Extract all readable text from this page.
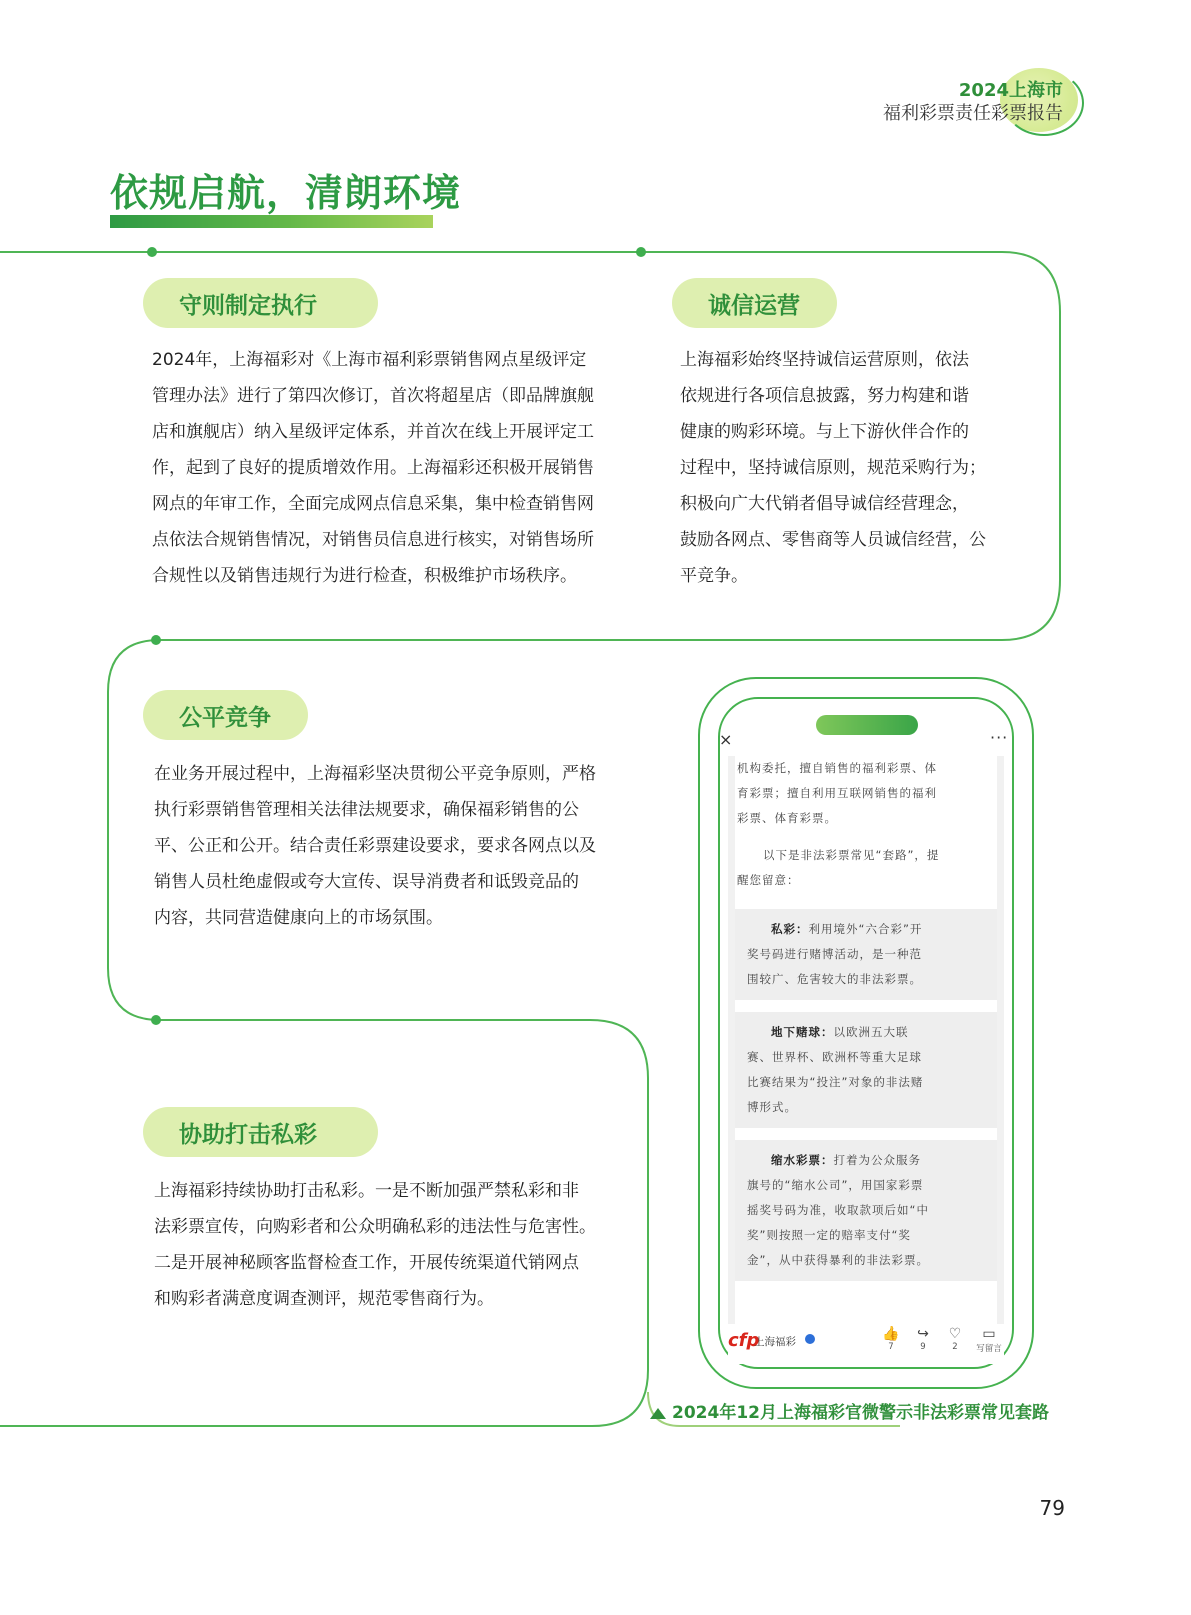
2024上海市
福利彩票责任彩票报告
依规启航，清朗环境
守则制定执行
2024年，上海福彩对《上海市福利彩票销售网点星级评定
管理办法》进行了第四次修订，首次将超星店（即品牌旗舰
店和旗舰店）纳入星级评定体系，并首次在线上开展评定工
作，起到了良好的提质增效作用。上海福彩还积极开展销售
网点的年审工作，全面完成网点信息采集，集中检查销售网
点依法合规销售情况，对销售员信息进行核实，对销售场所
合规性以及销售违规行为进行检查，积极维护市场秩序。
诚信运营
上海福彩始终坚持诚信运营原则，依法
依规进行各项信息披露，努力构建和谐
健康的购彩环境。与上下游伙伴合作的
过程中，坚持诚信原则，规范采购行为；
积极向广大代销者倡导诚信经营理念，
鼓励各网点、零售商等人员诚信经营，公
平竞争。
公平竞争
在业务开展过程中，上海福彩坚决贯彻公平竞争原则，严格
执行彩票销售管理相关法律法规要求，确保福彩销售的公
平、公正和公开。结合责任彩票建设要求，要求各网点以及
销售人员杜绝虚假或夸大宣传、误导消费者和诋毁竞品的
内容，共同营造健康向上的市场氛围。
协助打击私彩
上海福彩持续协助打击私彩。一是不断加强严禁私彩和非
法彩票宣传，向购彩者和公众明确私彩的违法性与危害性。
二是开展神秘顾客监督检查工作，开展传统渠道代销网点
和购彩者满意度调查测评，规范零售商行为。
×	···
机构委托，擅自销售的福利彩票、体
育彩票；擅自利用互联网销售的福利
彩票、体育彩票。
以下是非法彩票常见“套路”，提
醒您留意：
私彩：利用境外“六合彩”开
奖号码进行赌博活动，是一种范
围较广、危害较大的非法彩票。
地下赌球：以欧洲五大联
赛、世界杯、欧洲杯等重大足球
比赛结果为“投注”对象的非法赌
博形式。
缩水彩票：打着为公众服务
旗号的“缩水公司”，用国家彩票
摇奖号码为准，收取款项后如“中
奖”则按照一定的赔率支付“奖
金”，从中获得暴利的非法彩票。
cfp
上海福彩	👍
7
↪
9
♡
2
▭
写留言
2024年12月上海福彩官微警示非法彩票常见套路
79
